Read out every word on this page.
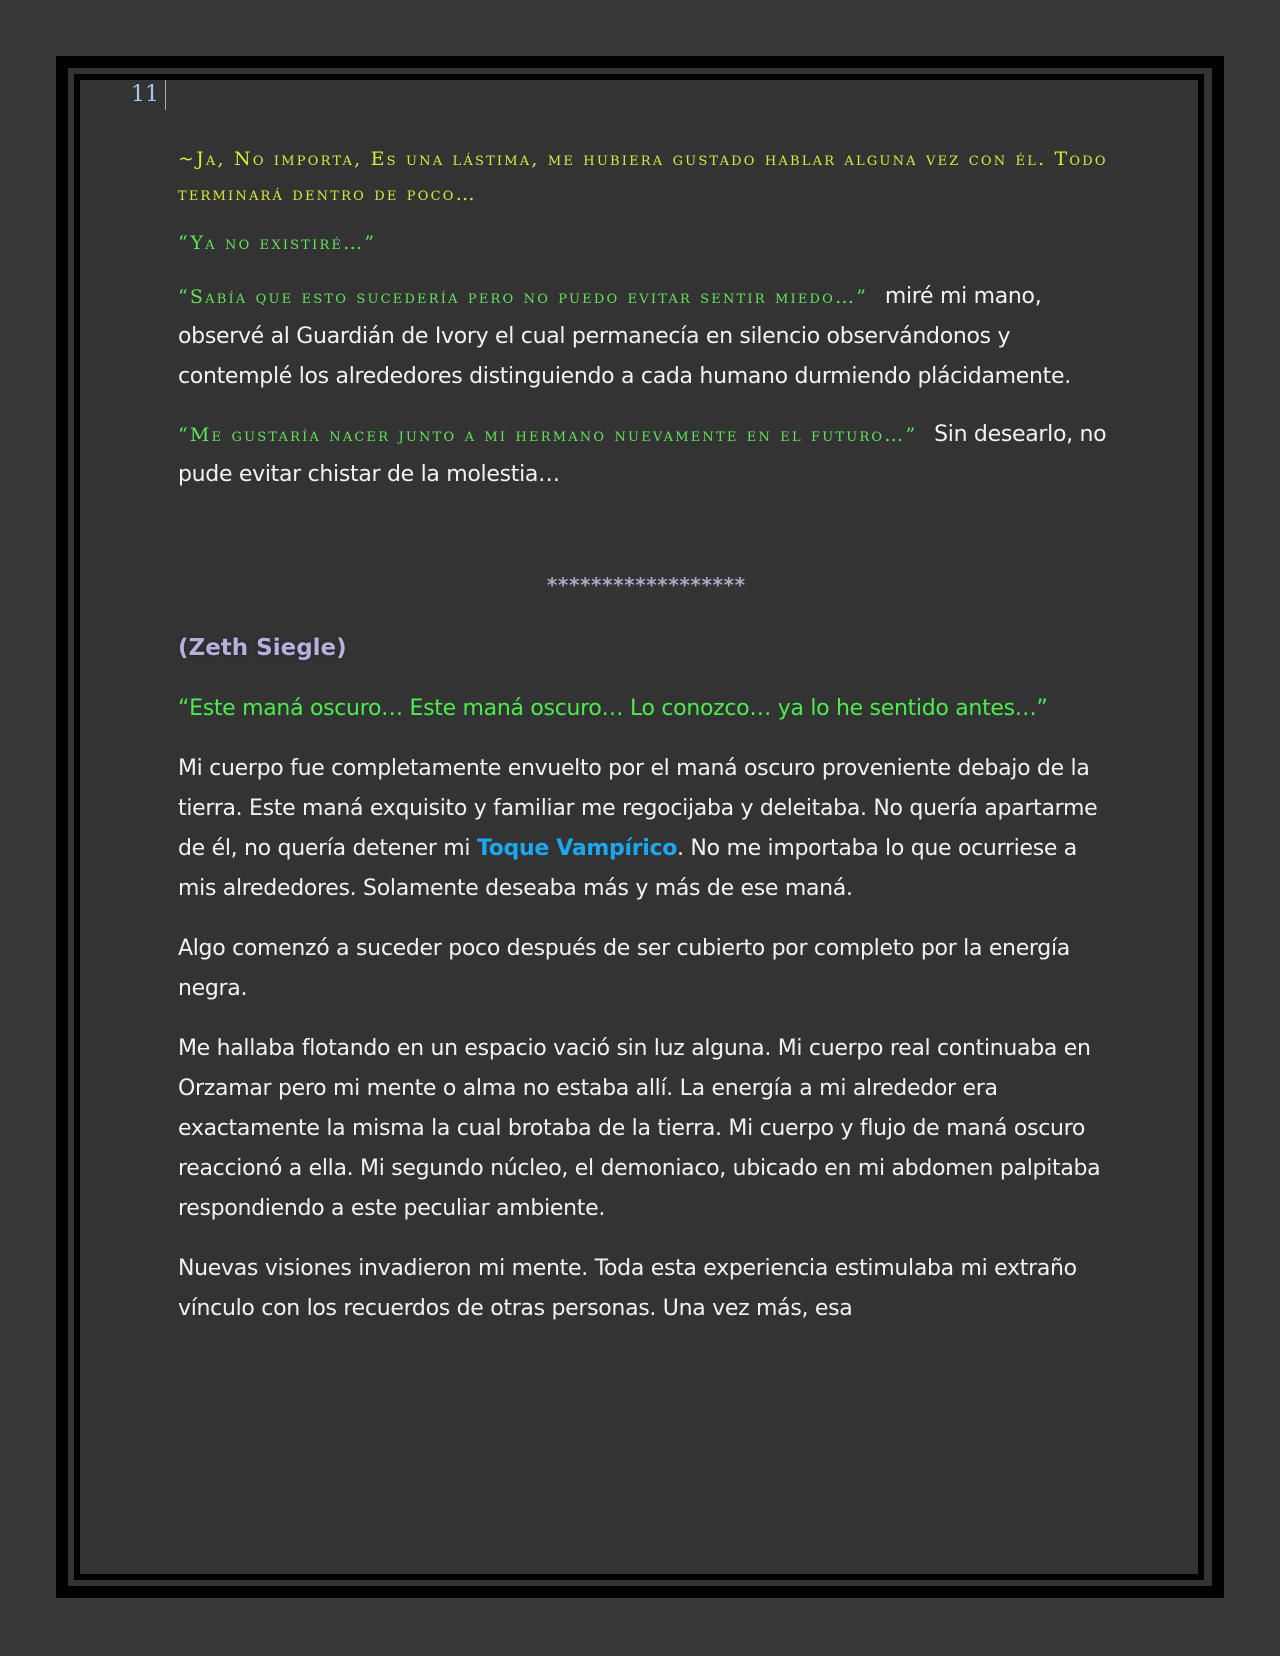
11

~Ja, No importa, Es una lástima, me hubiera gustado hablar alguna vez con él. Todo terminará dentro de poco…

“Ya no existiré…”

“Sabía que esto sucedería pero no puedo evitar sentir miedo…” miré mi mano, observé al Guardián de Ivory el cual permanecía en silencio observándonos y contemplé los alrededores distinguiendo a cada humano durmiendo plácidamente.

“Me gustaría nacer junto a mi hermano nuevamente en el futuro…” Sin desearlo, no pude evitar chistar de la molestia…

******************

(Zeth Siegle)

“Este maná oscuro… Este maná oscuro… Lo conozco… ya lo he sentido antes…”

Mi cuerpo fue completamente envuelto por el maná oscuro proveniente debajo de la tierra. Este maná exquisito y familiar me regocijaba y deleitaba. No quería apartarme de él, no quería detener mi Toque Vampírico. No me importaba lo que ocurriese a mis alrededores. Solamente deseaba más y más de ese maná.

Algo comenzó a suceder poco después de ser cubierto por completo por la energía negra.

Me hallaba flotando en un espacio vació sin luz alguna. Mi cuerpo real continuaba en Orzamar pero mi mente o alma no estaba allí. La energía a mi alrededor era exactamente la misma la cual brotaba de la tierra. Mi cuerpo y flujo de maná oscuro reaccionó a ella. Mi segundo núcleo, el demoniaco, ubicado en mi abdomen palpitaba respondiendo a este peculiar ambiente.

Nuevas visiones invadieron mi mente. Toda esta experiencia estimulaba mi extraño vínculo con los recuerdos de otras personas. Una vez más, esa
